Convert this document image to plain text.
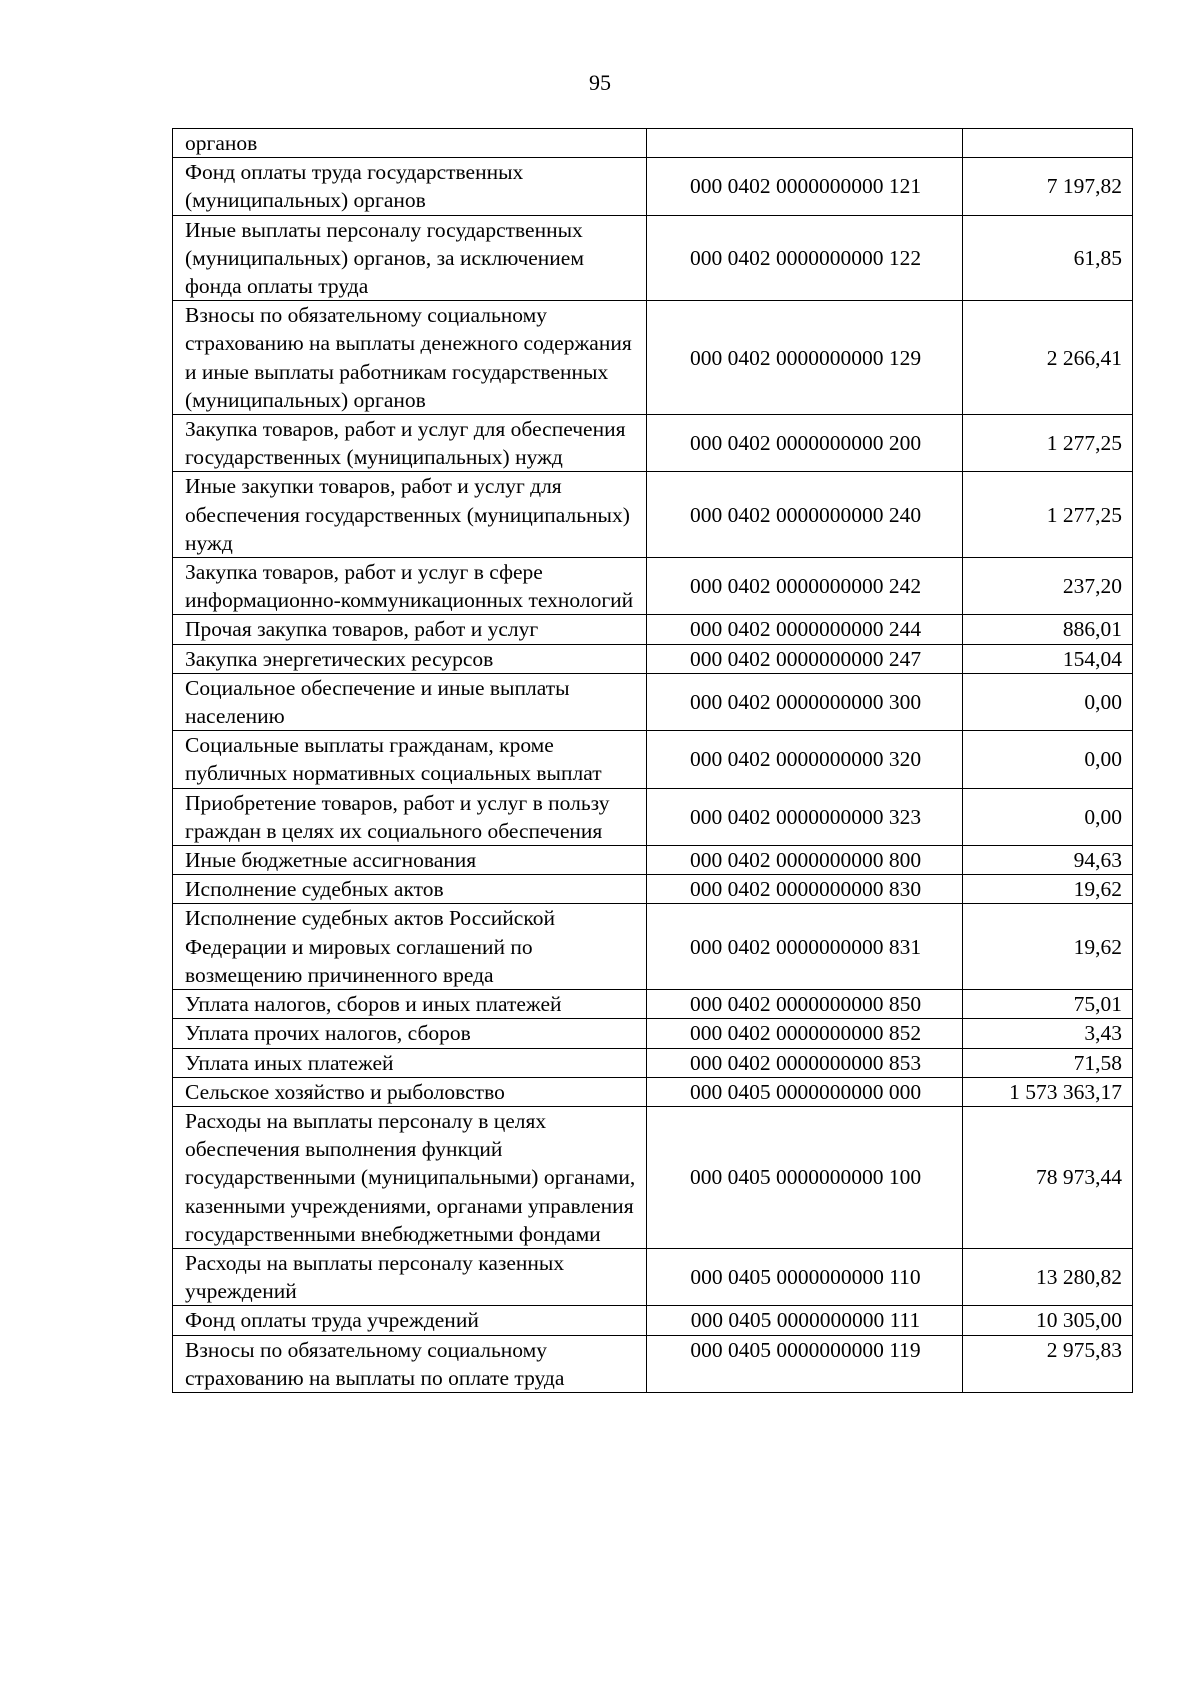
95
органов		
Фонд оплаты труда государственных (муниципальных) органов	000 0402 0000000000 121	7 197,82
Иные выплаты персоналу государственных (муниципальных) органов, за исключением фонда оплаты труда	000 0402 0000000000 122	61,85
Взносы по обязательному социальному страхованию на выплаты денежного содержания и иные выплаты работникам государственных (муниципальных) органов	000 0402 0000000000 129	2 266,41
Закупка товаров, работ и услуг для обеспечения государственных (муниципальных) нужд	000 0402 0000000000 200	1 277,25
Иные закупки товаров, работ и услуг для обеспечения государственных (муниципальных) нужд	000 0402 0000000000 240	1 277,25
Закупка товаров, работ и услуг в сфере информационно-коммуникационных технологий	000 0402 0000000000 242	237,20
Прочая закупка товаров, работ и услуг	000 0402 0000000000 244	886,01
Закупка энергетических ресурсов	000 0402 0000000000 247	154,04
Социальное обеспечение и иные выплаты населению	000 0402 0000000000 300	0,00
Социальные выплаты гражданам, кроме публичных нормативных социальных выплат	000 0402 0000000000 320	0,00
Приобретение товаров, работ и услуг в пользу граждан в целях их социального обеспечения	000 0402 0000000000 323	0,00
Иные бюджетные ассигнования	000 0402 0000000000 800	94,63
Исполнение судебных актов	000 0402 0000000000 830	19,62
Исполнение судебных актов Российской Федерации и мировых соглашений по возмещению причиненного вреда	000 0402 0000000000 831	19,62
Уплата налогов, сборов и иных платежей	000 0402 0000000000 850	75,01
Уплата прочих налогов, сборов	000 0402 0000000000 852	3,43
Уплата иных платежей	000 0402 0000000000 853	71,58
Сельское хозяйство и рыболовство	000 0405 0000000000 000	1 573 363,17
Расходы на выплаты персоналу в целях обеспечения выполнения функций государственными (муниципальными) органами, казенными учреждениями, органами управления государственными внебюджетными фондами	000 0405 0000000000 100	78 973,44
Расходы на выплаты персоналу казенных учреждений	000 0405 0000000000 110	13 280,82
Фонд оплаты труда учреждений	000 0405 0000000000 111	10 305,00
Взносы по обязательному социальному страхованию на выплаты по оплате труда	000 0405 0000000000 119	2 975,83
